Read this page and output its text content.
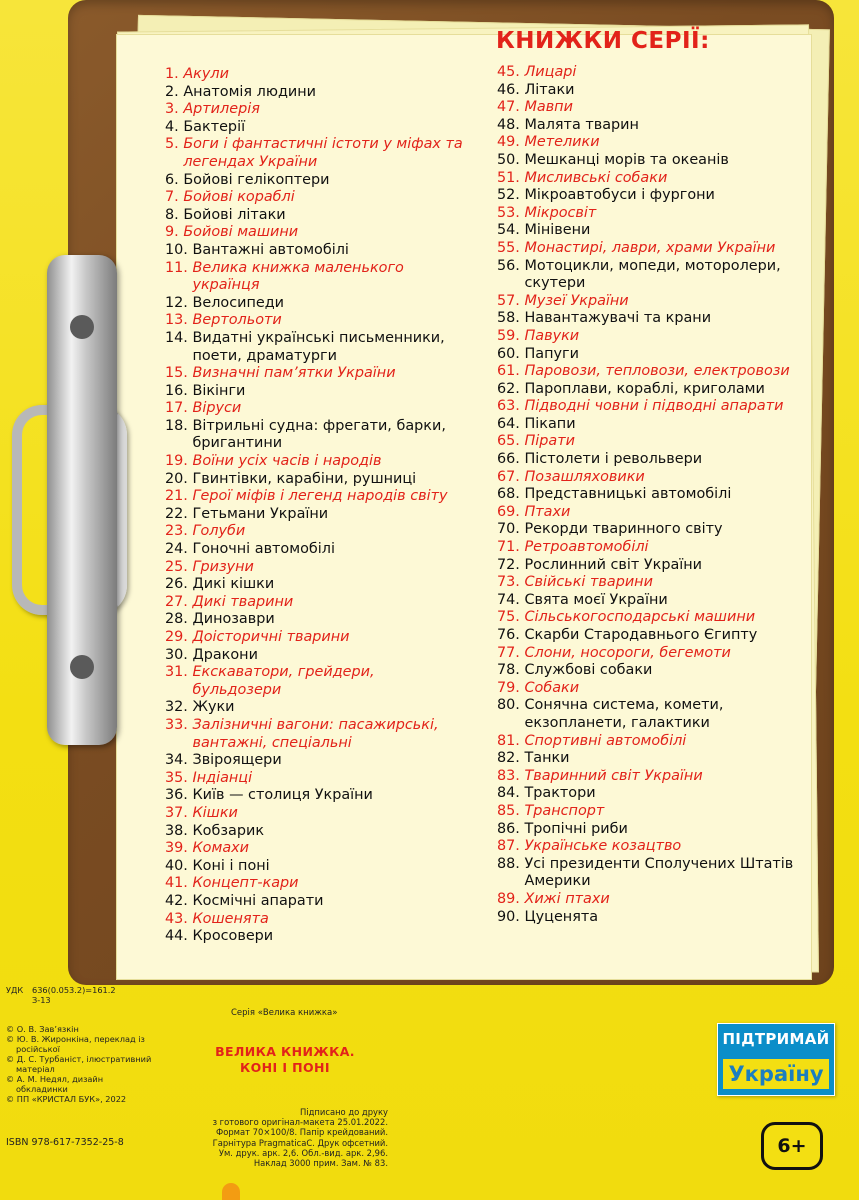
КНИЖКИ СЕРІЇ:
1.
Акули
2.
Анатомія людини
3.
Артилерія
4.
Бактерії
5.
Боги і фантастичні істоти у міфах та легендах України
6.
Бойові гелікоптери
7.
Бойові кораблі
8.
Бойові літаки
9.
Бойові машини
10.
Вантажні автомобілі
11.
Велика книжка маленького українця
12.
Велосипеди
13.
Вертольоти
14.
Видатні українські письменники, поети, драматурги
15.
Визначні пам’ятки України
16.
Вікінги
17.
Віруси
18.
Вітрильні судна: фрегати, барки, бригантини
19.
Воїни усіх часів і народів
20.
Гвинтівки, карабіни, рушниці
21.
Герої міфів і легенд народів світу
22.
Гетьмани України
23.
Голуби
24.
Гоночні автомобілі
25.
Гризуни
26.
Дикі кішки
27.
Дикі тварини
28.
Динозаври
29.
Доісторичні тварини
30.
Дракони
31.
Екскаватори, грейдери, бульдозери
32.
Жуки
33.
Залізничні вагони: пасажирські, вантажні, спеціальні
34.
Звіроящери
35.
Індіанці
36.
Київ — столиця України
37.
Кішки
38.
Кобзарик
39.
Комахи
40.
Коні і поні
41.
Концепт-кари
42.
Космічні апарати
43.
Кошенята
44.
Кросовери
45.
Лицарі
46.
Літаки
47.
Мавпи
48.
Малята тварин
49.
Метелики
50.
Мешканці морів та океанів
51.
Мисливські собаки
52.
Мікроавтобуси і фургони
53.
Мікросвіт
54.
Мінівени
55.
Монастирі, лаври, храми України
56.
Мотоцикли, мопеди, моторолери, скутери
57.
Музеї України
58.
Навантажувачі та крани
59.
Павуки
60.
Папуги
61.
Паровози, тепловози, електровози
62.
Пароплави, кораблі, криголами
63.
Підводні човни і підводні апарати
64.
Пікапи
65.
Пірати
66.
Пістолети і револьвери
67.
Позашляховики
68.
Представницькі автомобілі
69.
Птахи
70.
Рекорди тваринного світу
71.
Ретроавтомобілі
72.
Рослинний світ України
73.
Свійські тварини
74.
Свята моєї України
75.
Сільськогосподарські машини
76.
Скарби Стародавнього Єгипту
77.
Слони, носороги, бегемоти
78.
Службові собаки
79.
Собаки
80.
Сонячна система, комети, екзопланети, галактики
81.
Спортивні автомобілі
82.
Танки
83.
Тваринний світ України
84.
Трактори
85.
Транспорт
86.
Тропічні риби
87.
Українське козацтво
88.
Усі президенти Сполучених Штатів Америки
89.
Хижі птахи
90.
Цуценята
УДК 636(0.053.2)=161.2
З-13
© О. В. Зав’язкін
© Ю. В. Жиронкіна, переклад із російської
© Д. С. Турбаніст, ілюстративний матеріал
© А. М. Недял, дизайн обкладинки
© ПП «КРИСТАЛ БУК», 2022
ISBN 978-617-7352-25-8
Серія «Велика книжка»
ВЕЛИКА КНИЖКА.
КОНІ І ПОНІ
Підписано до друку
з готового оригінал-макета 25.01.2022.
Формат 70×100/8. Папір крейдований.
Гарнітура PragmaticaC. Друк офсетний.
Ум. друк. арк. 2,6. Обл.-вид. арк. 2,96.
Наклад 3000 прим. Зам. № 83.
ПІДТРИМАЙ
Україну
6+
